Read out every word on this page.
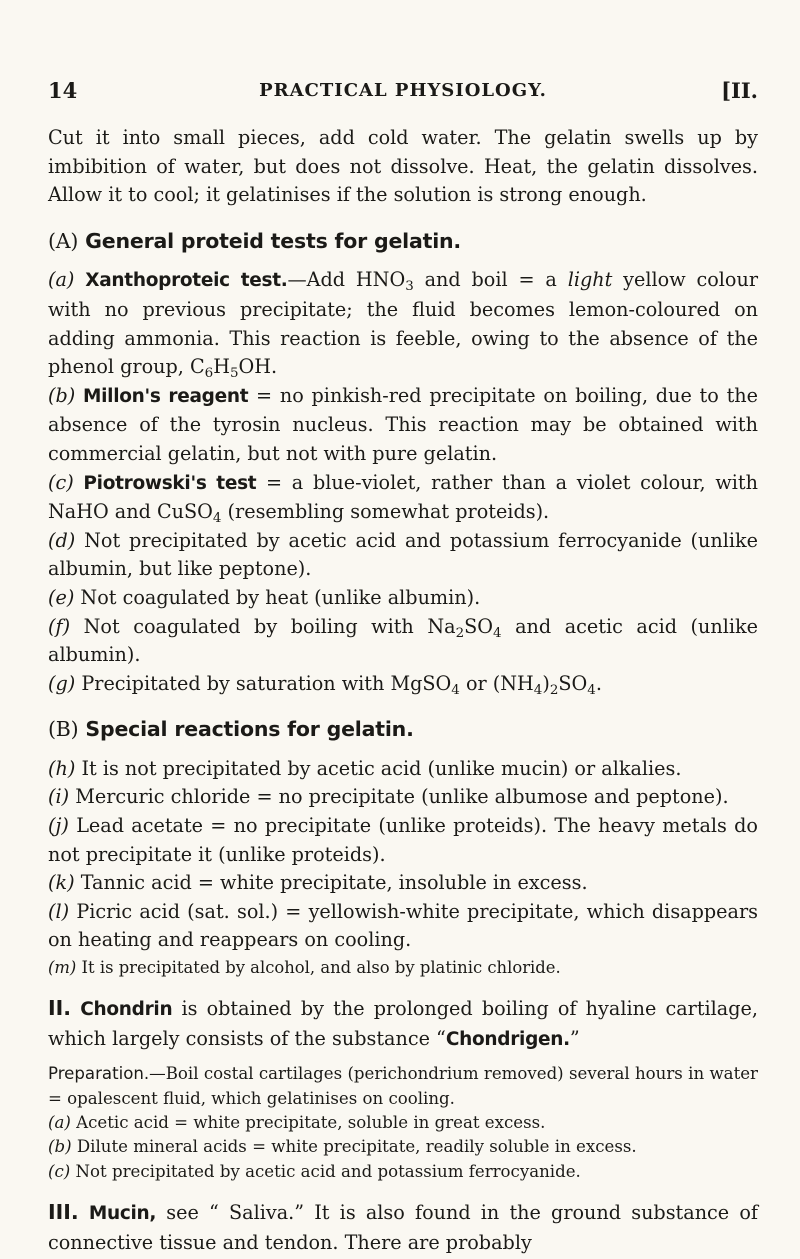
14	PRACTICAL PHYSIOLOGY.	[II.

Cut it into small pieces, add cold water. The gelatin swells up by imbibition of water, but does not dissolve. Heat, the gelatin dissolves. Allow it to cool; it gelatinises if the solution is strong enough.

(A) General proteid tests for gelatin.

(a) Xanthoproteic test.—Add $HNO_3$ and boil = a light yellow colour with no previous precipitate; the fluid becomes lemon-coloured on adding ammonia. This reaction is feeble, owing to the absence of the phenol group, $C_6H_5OH$.

(b) Millon's reagent = no pinkish-red precipitate on boiling, due to the absence of the tyrosin nucleus. This reaction may be obtained with commercial gelatin, but not with pure gelatin.

(c) Piotrowski's test = a blue-violet, rather than a violet colour, with NaHO and CuSO$_4$ (resembling somewhat proteids).

(d) Not precipitated by acetic acid and potassium ferrocyanide (unlike albumin, but like peptone).

(e) Not coagulated by heat (unlike albumin).

(f) Not coagulated by boiling with $Na_2SO_4$ and acetic acid (unlike albumin).

(g) Precipitated by saturation with MgSO$_4$ or $(NH_4)_2SO_4$.

(B) Special reactions for gelatin.

(h) It is not precipitated by acetic acid (unlike mucin) or alkalies.

(i) Mercuric chloride = no precipitate (unlike albumose and peptone).

(j) Lead acetate = no precipitate (unlike proteids). The heavy metals do not precipitate it (unlike proteids).

(k) Tannic acid = white precipitate, insoluble in excess.

(l) Picric acid (sat. sol.) = yellowish-white precipitate, which disappears on heating and reappears on cooling.

(m) It is precipitated by alcohol, and also by platinic chloride.

II. Chondrin is obtained by the prolonged boiling of hyaline cartilage, which largely consists of the substance “Chondrigen.”

Preparation.—Boil costal cartilages (perichondrium removed) several hours in water = opalescent fluid, which gelatinises on cooling.

(a) Acetic acid = white precipitate, soluble in great excess.

(b) Dilute mineral acids = white precipitate, readily soluble in excess.

(c) Not precipitated by acetic acid and potassium ferrocyanide.

III. Mucin, see “ Saliva.” It is also found in the ground substance of connective tissue and tendon. There are probably
